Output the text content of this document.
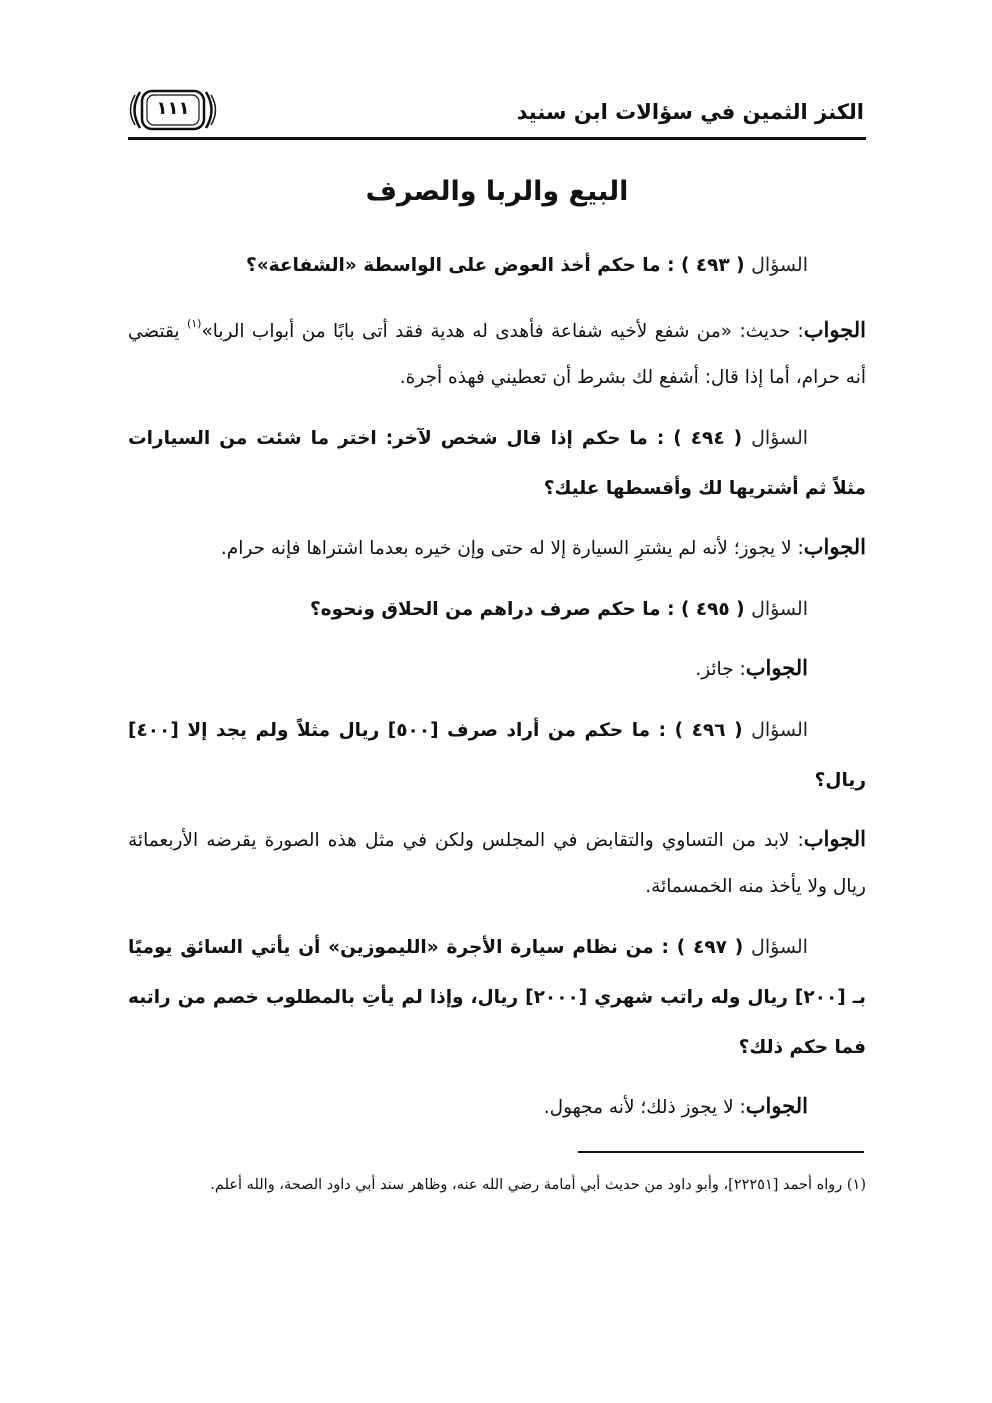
الكنز الثمين في سؤالات ابن سنيد
١١١
البيع والربا والصرف

السؤال ( ٤٩٣ ) : ما حكم أخذ العوض على الواسطة «الشفاعة»؟

الجواب: حديث: «من شفع لأخيه شفاعة فأهدى له هدية فقد أتى بابًا من أبواب الربا»$^{(١)}$ يقتضي أنه حرام، أما إذا قال: أشفع لك بشرط أن تعطيني فهذه أجرة.

السؤال ( ٤٩٤ ) : ما حكم إذا قال شخص لآخر: اختر ما شئت من السيارات مثلاً ثم أشتريها لك وأقسطها عليك؟

الجواب: لا يجوز؛ لأنه لم يشترِ السيارة إلا له حتى وإن خيره بعدما اشتراها فإنه حرام.

السؤال ( ٤٩٥ ) : ما حكم صرف دراهم من الحلاق ونحوه؟

الجواب: جائز.

السؤال ( ٤٩٦ ) : ما حكم من أراد صرف [٥٠٠] ريال مثلاً ولم يجد إلا [٤٠٠] ريال؟

الجواب: لابد من التساوي والتقابض في المجلس ولكن في مثل هذه الصورة يقرضه الأربعمائة ريال ولا يأخذ منه الخمسمائة.

السؤال ( ٤٩٧ ) : من نظام سيارة الأجرة «الليموزين» أن يأتي السائق يوميًا بـ [٢٠٠] ريال وله راتب شهري [٢٠٠٠] ريال، وإذا لم يأتِ بالمطلوب خصم من راتبه فما حكم ذلك؟

الجواب: لا يجوز ذلك؛ لأنه مجهول.

(١) رواه أحمد [٢٢٢٥١]، وأبو داود من حديث أبي أمامة رضي الله عنه، وظاهر سند أبي داود الصحة، والله أعلم.
